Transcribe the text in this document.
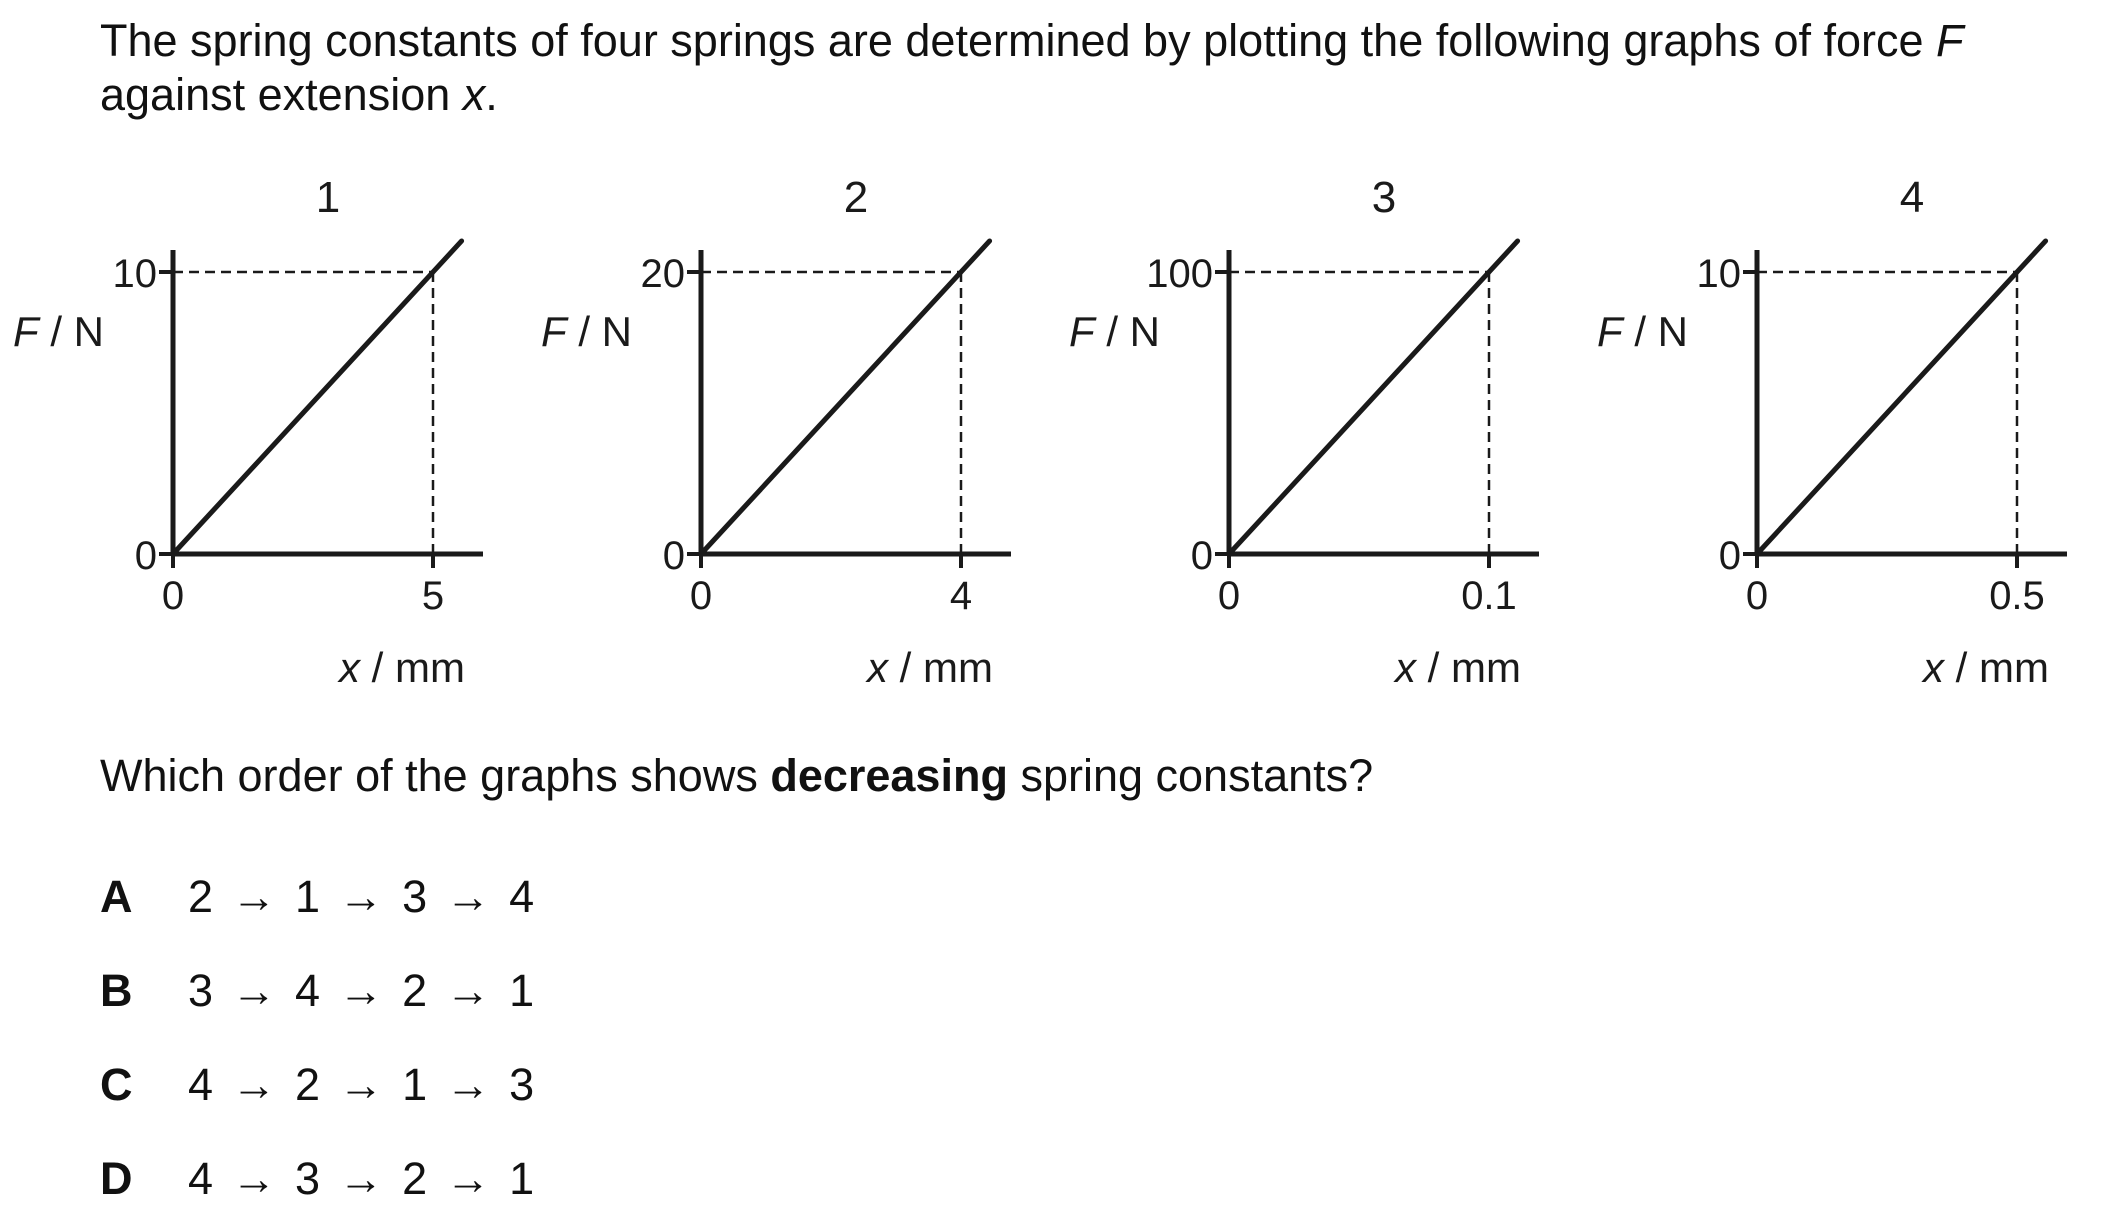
The spring constants of four springs are determined by plotting the following graphs of force F against extension x.

1
0
10
0	5
F / N
x / mm
2
0
20
0	4
F / N
x / mm
3
0
100
0	0.1
F / N
x / mm
4
0
10
0	0.5
F / N
x / mm

Which order of the graphs shows decreasing spring constants?

A	2 → 1 → 3 → 4
B	3 → 4 → 2 → 1
C	4 → 2 → 1 → 3
D	4 → 3 → 2 → 1
